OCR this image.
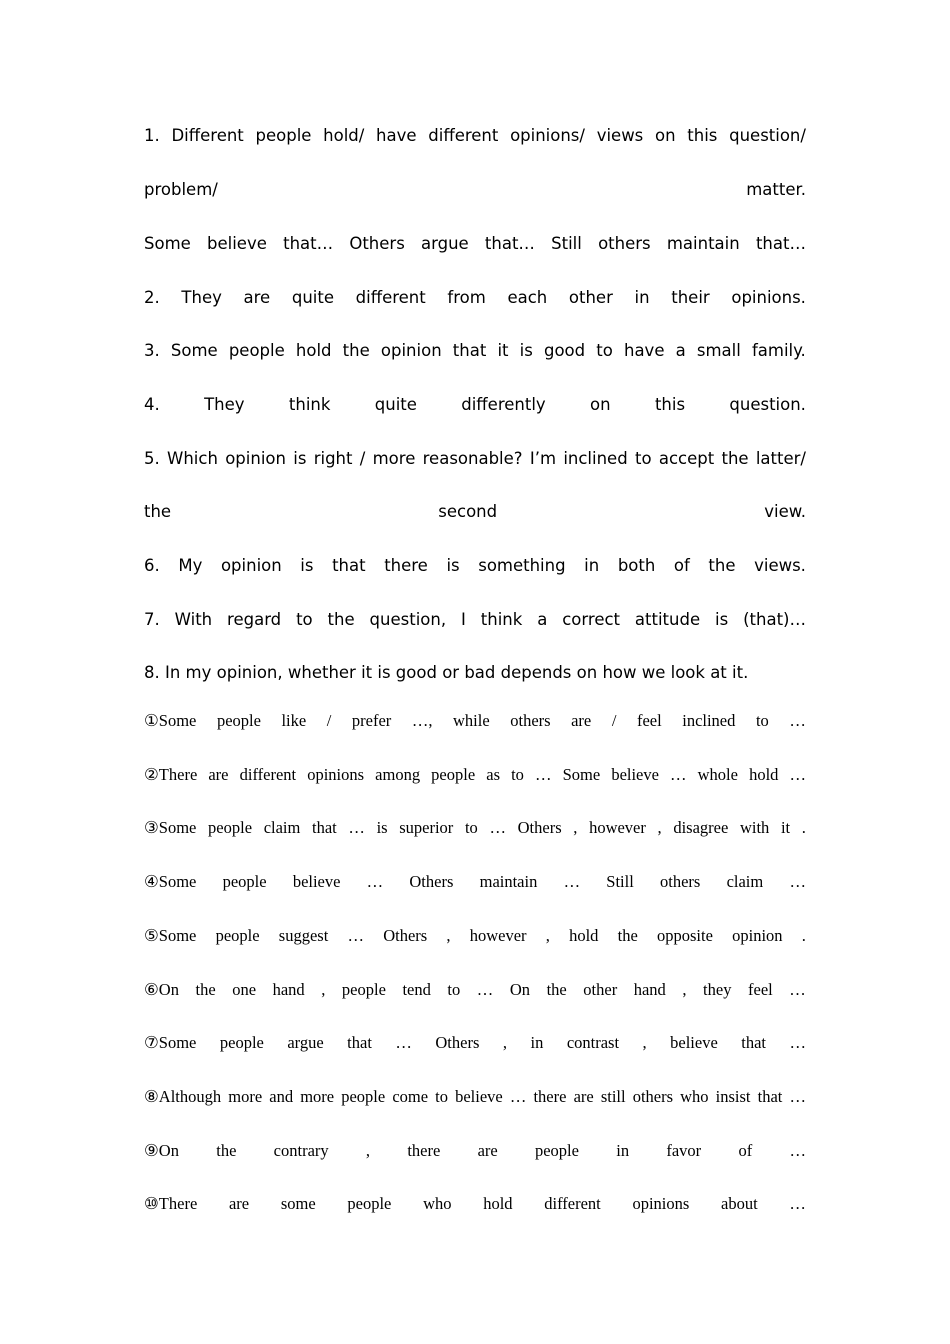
1. Different people hold/ have different opinions/ views on this question/
problem/	matter.
Some believe that… Others argue that… Still others maintain that…
2. They are quite different from each other in their opinions.
3. Some people hold the opinion that it is good to have a small family.
4.	They	think	quite	differently	on	this	question.
5. Which opinion is right / more reasonable? I’m inclined to accept the latter/
the	second	view.
6. My opinion is that there is something in both of the views.
7. With regard to the question, I think a correct attitude is (that)…
8. In my opinion, whether it is good or bad depends on how we look at it.
①Some people like / prefer …, while others are / feel inclined to …
②There are different opinions among people as to … Some believe … whole hold …
③Some people claim that … is superior to … Others , however , disagree with it .
④Some people believe … Others maintain … Still others claim …
⑤Some people suggest … Others , however , hold the opposite opinion .
⑥On the one hand , people tend to … On the other hand , they feel …
⑦Some people argue that … Others , in contrast , believe that …
⑧Although more and more people come to believe … there are still others who insist that …
⑨On the contrary , there are people in favor of …
⑩There are some people who hold different opinions about …
